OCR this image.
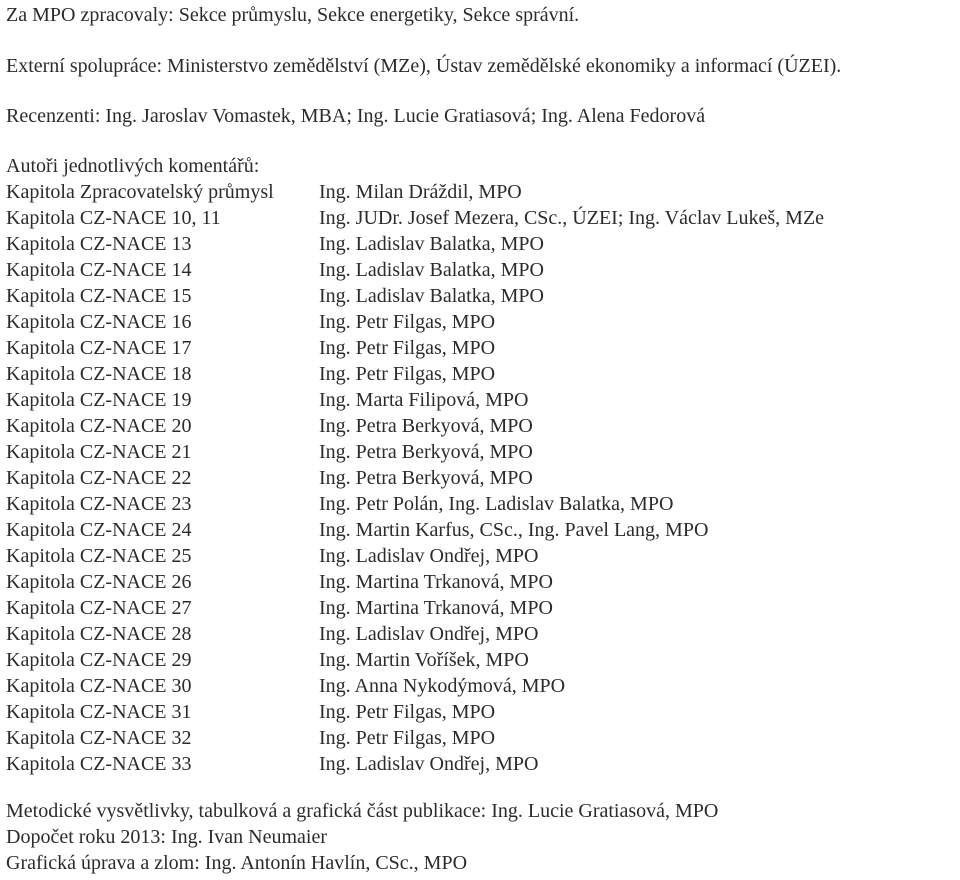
Za MPO zpracovaly: Sekce průmyslu, Sekce energetiky, Sekce správní.
Externí spolupráce: Ministerstvo zemědělství (MZe), Ústav zemědělské ekonomiky a informací (ÚZEI).
Recenzenti: Ing. Jaroslav Vomastek, MBA; Ing. Lucie Gratiasová; Ing. Alena Fedorová
Autoři jednotlivých komentářů:
Kapitola Zpracovatelský průmysl	Ing. Milan Dráždil, MPO
Kapitola CZ-NACE 10, 11	Ing. JUDr. Josef Mezera, CSc., ÚZEI; Ing. Václav Lukeš, MZe
Kapitola CZ-NACE 13	Ing. Ladislav Balatka, MPO
Kapitola CZ-NACE 14	Ing. Ladislav Balatka, MPO
Kapitola CZ-NACE 15	Ing. Ladislav Balatka, MPO
Kapitola CZ-NACE 16	Ing. Petr Filgas, MPO
Kapitola CZ-NACE 17	Ing. Petr Filgas, MPO
Kapitola CZ-NACE 18	Ing. Petr Filgas, MPO
Kapitola CZ-NACE 19	Ing. Marta Filipová, MPO
Kapitola CZ-NACE 20	Ing. Petra Berkyová, MPO
Kapitola CZ-NACE 21	Ing. Petra Berkyová, MPO
Kapitola CZ-NACE 22	Ing. Petra Berkyová, MPO
Kapitola CZ-NACE 23	Ing. Petr Polán, Ing. Ladislav Balatka, MPO
Kapitola CZ-NACE 24	Ing. Martin Karfus, CSc., Ing. Pavel Lang, MPO
Kapitola CZ-NACE 25	Ing. Ladislav Ondřej, MPO
Kapitola CZ-NACE 26	Ing. Martina Trkanová, MPO
Kapitola CZ-NACE 27	Ing. Martina Trkanová, MPO
Kapitola CZ-NACE 28	Ing. Ladislav Ondřej, MPO
Kapitola CZ-NACE 29	Ing. Martin Voříšek, MPO
Kapitola CZ-NACE 30	Ing. Anna Nykodýmová, MPO
Kapitola CZ-NACE 31	Ing. Petr Filgas, MPO
Kapitola CZ-NACE 32	Ing. Petr Filgas, MPO
Kapitola CZ-NACE 33	Ing. Ladislav Ondřej, MPO
Metodické vysvětlivky, tabulková a grafická část publikace: Ing. Lucie Gratiasová, MPO
Dopočet roku 2013: Ing. Ivan Neumaier
Grafická úprava a zlom: Ing. Antonín Havlín, CSc., MPO
